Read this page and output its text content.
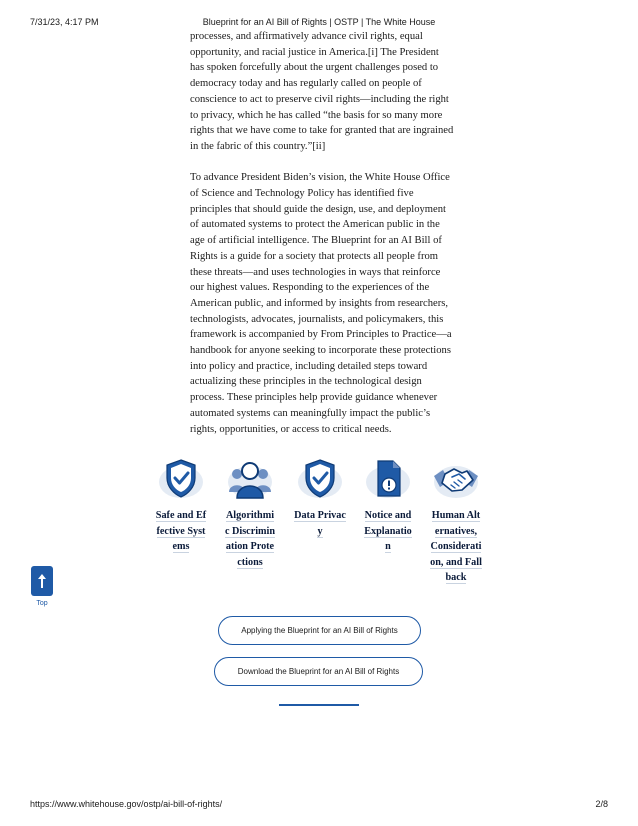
7/31/23, 4:17 PM	Blueprint for an AI Bill of Rights | OSTP | The White House

processes, and affirmatively advance civil rights, equal opportunity, and racial justice in America.[i] The President has spoken forcefully about the urgent challenges posed to democracy today and has regularly called on people of conscience to act to preserve civil rights—including the right to privacy, which he has called “the basis for so many more rights that we have come to take for granted that are ingrained in the fabric of this country.”[ii]

To advance President Biden’s vision, the White House Office of Science and Technology Policy has identified five principles that should guide the design, use, and deployment of automated systems to protect the American public in the age of artificial intelligence. The Blueprint for an AI Bill of Rights is a guide for a society that protects all people from these threats—and uses technologies in ways that reinforce our highest values. Responding to the experiences of the American public, and informed by insights from researchers, technologists, advocates, journalists, and policymakers, this framework is accompanied by From Principles to Practice—a handbook for anyone seeking to incorporate these protections into policy and practice, including detailed steps toward actualizing these principles in the technological design process. These principles help provide guidance whenever automated systems can meaningfully impact the public’s rights, opportunities, or access to critical needs.

Safe and Effective Systems
Algorithmic Discrimination Protections
Data Privacy
Notice and Explanation
Human Alternatives, Consideration, and Fallback
Applying the Blueprint for an AI Bill of Rights
Download the Blueprint for an AI Bill of Rights
Top
https://www.whitehouse.gov/ostp/ai-bill-of-rights/	2/8
